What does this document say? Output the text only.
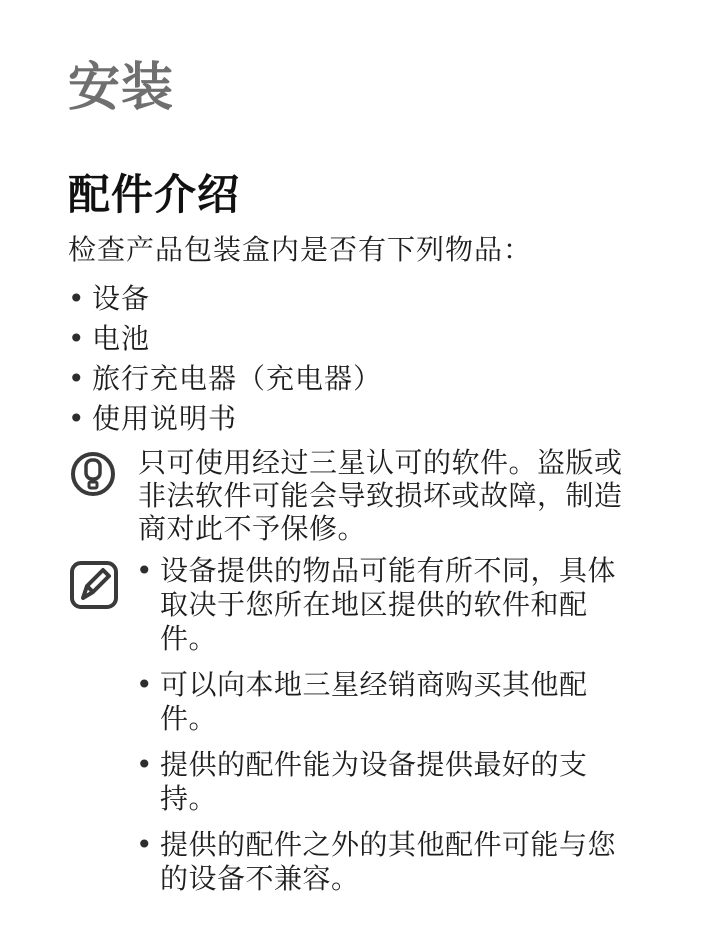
安装
配件介绍

检查产品包装盒内是否有下列物品：

• 设备
• 电池
• 旅行充电器（充电器）
• 使用说明书

只可使用经过三星认可的软件。盗版或非法软件可能会导致损坏或故障，制造商对此不予保修。

• 设备提供的物品可能有所不同，具体取决于您所在地区提供的软件和配件。
• 可以向本地三星经销商购买其他配件。
• 提供的配件能为设备提供最好的支持。
• 提供的配件之外的其他配件可能与您的设备不兼容。
